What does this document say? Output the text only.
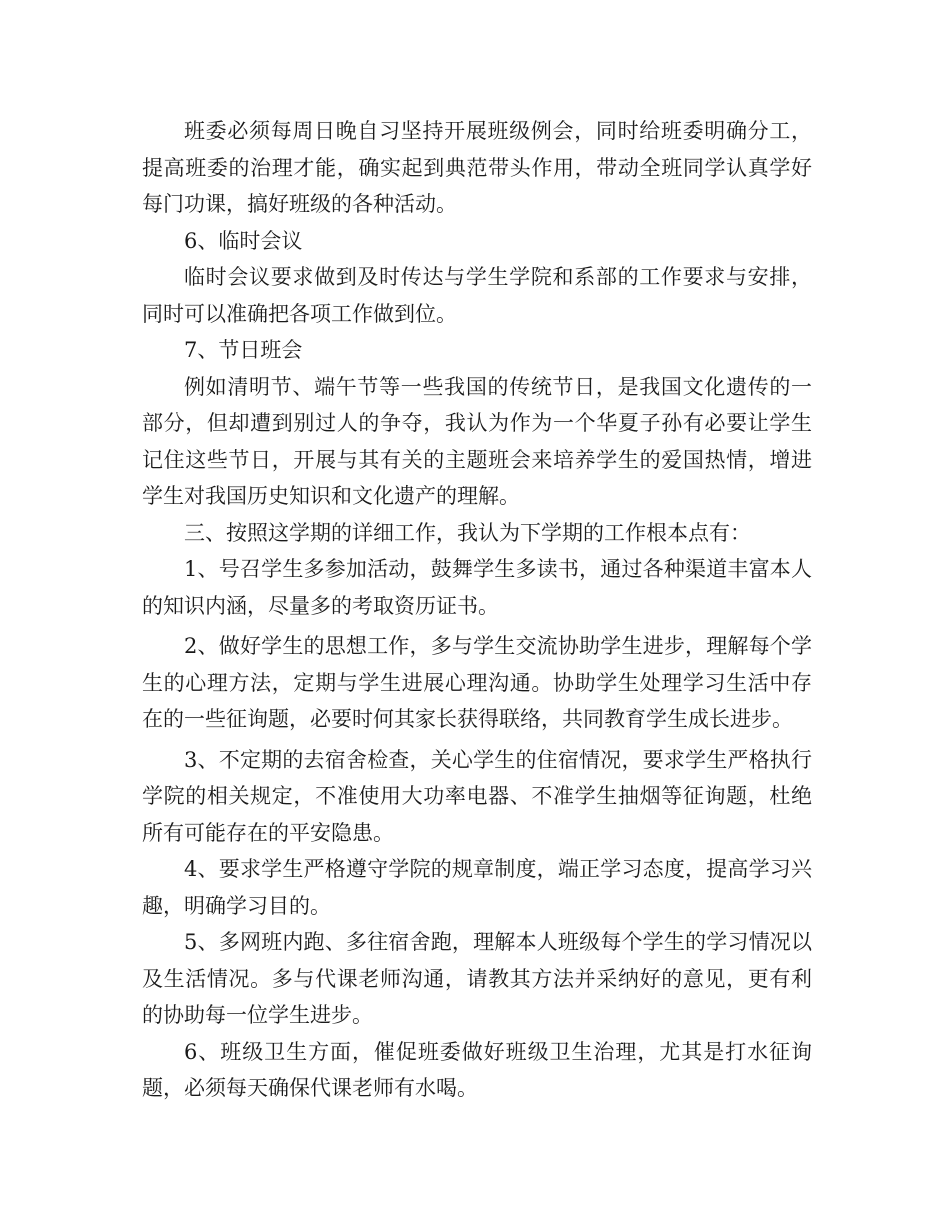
班委必须每周日晚自习坚持开展班级例会，同时给班委明确分工，提高班委的治理才能，确实起到典范带头作用，带动全班同学认真学好每门功课，搞好班级的各种活动。

6、临时会议

临时会议要求做到及时传达与学生学院和系部的工作要求与安排，同时可以准确把各项工作做到位。

7、节日班会

例如清明节、端午节等一些我国的传统节日，是我国文化遗传的一部分，但却遭到别过人的争夺，我认为作为一个华夏子孙有必要让学生记住这些节日，开展与其有关的主题班会来培养学生的爱国热情，增进学生对我国历史知识和文化遗产的理解。

三、按照这学期的详细工作，我认为下学期的工作根本点有：

1、号召学生多参加活动，鼓舞学生多读书，通过各种渠道丰富本人的知识内涵，尽量多的考取资历证书。

2、做好学生的思想工作，多与学生交流协助学生进步，理解每个学生的心理方法，定期与学生进展心理沟通。协助学生处理学习生活中存在的一些征询题，必要时何其家长获得联络，共同教育学生成长进步。

3、不定期的去宿舍检查，关心学生的住宿情况，要求学生严格执行学院的相关规定，不准使用大功率电器、不准学生抽烟等征询题，杜绝所有可能存在的平安隐患。

4、要求学生严格遵守学院的规章制度，端正学习态度，提高学习兴趣，明确学习目的。

5、多网班内跑、多往宿舍跑，理解本人班级每个学生的学习情况以及生活情况。多与代课老师沟通，请教其方法并采纳好的意见，更有利的协助每一位学生进步。

6、班级卫生方面，催促班委做好班级卫生治理，尤其是打水征询题，必须每天确保代课老师有水喝。
